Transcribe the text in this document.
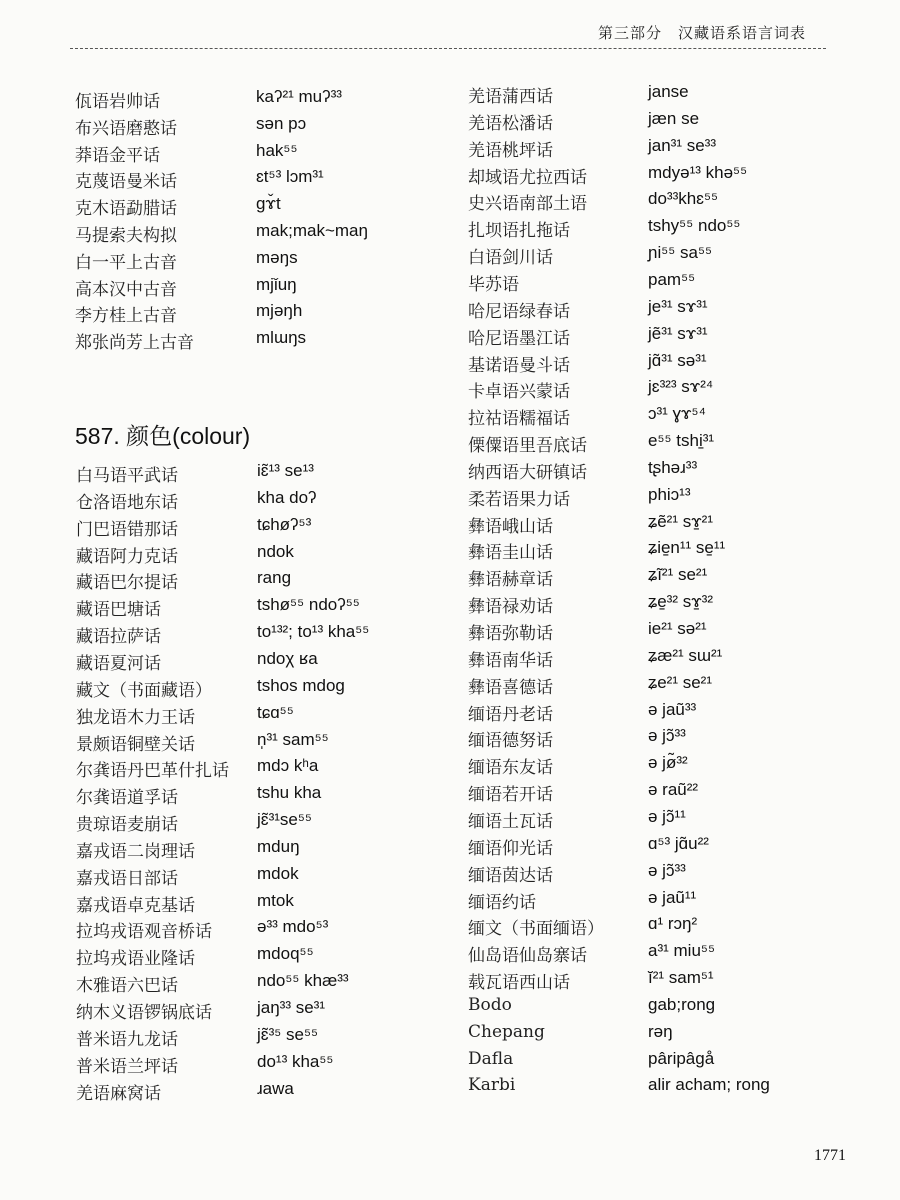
第三部分　汉藏语系语言词表
佤语岩帅话	kaʔ²¹ muʔ³³
布兴语磨憨话	sən pɔ
莽语金平话	hak⁵⁵
克蔑语曼米话	ɛt⁵³ lɔm³¹
克木语勐腊话	gɤ̌t
马提索夫构拟	mak;mak~maŋ
白一平上古音	məŋs
高本汉中古音	mjǐuŋ
李方桂上古音	mjəŋh
郑张尚芳上古音	mlɯŋs
587. 颜色(colour)
白马语平武话	iɛ̃¹³ se¹³
仓洛语地东话	kha doʔ
门巴语错那话	tɕhøʔ⁵³
藏语阿力克话	ndok
藏语巴尔提话	rang
藏语巴塘话	tshø⁵⁵ ndoʔ⁵⁵
藏语拉萨话	to¹³²; to¹³ kha⁵⁵
藏语夏河话	ndoχ ʁa
藏文（书面藏语）	tshos mdog
独龙语木力王话	tɕɑ⁵⁵
景颇语铜壁关话	n̩³¹ sam⁵⁵
尔龚语丹巴革什扎话 mdɔ kʰa
尔龚语道孚话	tshu kha
贵琼语麦崩话	jɛ̃³¹se⁵⁵
嘉戎语二岗理话	mduŋ
嘉戎语日部话	mdok
嘉戎语卓克基话	mtok
拉坞戎语观音桥话	ə³³ mdo⁵³
拉坞戎语业隆话	mdoq⁵⁵
木雅语六巴话	ndo⁵⁵ khæ³³
纳木义语锣锅底话	jaŋ³³ se³¹
普米语九龙话	jɛ̃³⁵ se⁵⁵
普米语兰坪话	do¹³ kha⁵⁵
羌语麻窝话	ɹawa
羌语蒲西话	janse
羌语松潘话	jæn se
羌语桃坪话	jan³¹ se³³
却域语尤拉西话	mdyə¹³ khə⁵⁵
史兴语南部土语	do³³khɛ⁵⁵
扎坝语扎拖话	tshy⁵⁵ ndo⁵⁵
白语剑川话	ɲi⁵⁵ sa⁵⁵
毕苏语	pam⁵⁵
哈尼语绿春话	je³¹ sɤ³¹
哈尼语墨江话	jẽ³¹ sɤ³¹
基诺语曼斗话	jɑ̃³¹ sə³¹
卡卓语兴蒙话	jɛ³²³ sɤ²⁴
拉祜语糯福话	ɔ³¹ ɣɤ⁵⁴
傈僳语里吾底话	e⁵⁵ tshi̠³¹
纳西语大研镇话	tʂhəɹ³³
柔若语果力话	phiɔ¹³
彝语峨山话	ʑẽ²¹ sɤ̠²¹
彝语圭山话	ʑie̠n¹¹ se̠¹¹
彝语赫章话	ʑĩ²¹ se²¹
彝语禄劝话	ʑe̠³² sɤ̠³²
彝语弥勒话	ie²¹ sə²¹
彝语南华话	ʑæ²¹ sɯ²¹
彝语喜德话	ʑe²¹ se²¹
缅语丹老话	ə jaũ³³
缅语德努话	ə jɔ̃³³
缅语东友话	ə jø̃³²
缅语若开话	ə raũ²²
缅语土瓦话	ə jɔ̃¹¹
缅语仰光话	ɑ⁵³ jɑ̃u²²
缅语茵达话	ə jɔ̃³³
缅语约话	ə jaũ¹¹
缅文（书面缅语）	ɑ¹ rɔŋ²
仙岛语仙岛寨话	a³¹ miu⁵⁵
载瓦语西山话	ĭ²¹ sam⁵¹
Bodo	gab;rong
Chepang	rəŋ
Dafla	pâripâgå
Karbi	alir acham; rong
1771
